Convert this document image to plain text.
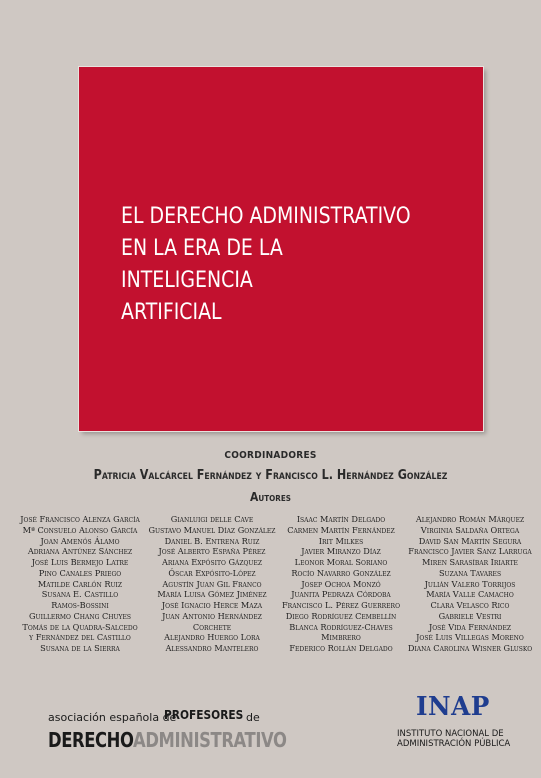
EL DERECHO ADMINISTRATIVO
EN LA ERA DE LA INTELIGENCIA
ARTIFICIAL
COORDINADORES
Patricia Valcárcel Fernández y Francisco L. Hernández González
Autores
José Francisco Alenza García
Mª Consuelo Alonso García
Joan Amenós Álamo
Adriana Antúnez Sánchez
José Luis Bermejo Latre
Pino Canales Priego
Matilde Carlón Ruiz
Susana E. Castillo
Ramos-Bossini
Guillermo Chang Chuyes
Tomás de la Quadra-Salcedo
y Fernández del Castillo
Susana de la Sierra
Gianluigi delle Cave
Gustavo Manuel Díaz González
Daniel B. Entrena Ruiz
José Alberto España Pérez
Ariana Expósito Gázquez
Óscar Expósito-López
Agustín Juan Gil Franco
María Luisa Gómez Jiménez
José Ignacio Herce Maza
Juan Antonio Hernández
Corchete
Alejandro Huergo Lora
Alessandro Mantelero
Isaac Martín Delgado
Carmen Martín Fernández
Irit Milkes
Javier Miranzo Díaz
Leonor Moral Soriano
Rocío Navarro González
Josep Ochoa Monzó
Juanita Pedraza Córdoba
Francisco L. Pérez Guerrero
Diego Rodríguez Cembellín
Blanca Rodríguez-Chaves
Mimbrero
Federico Rollán Delgado
Alejandro Román Márquez
Virginia Saldaña Ortega
David San Martín Segura
Francisco Javier Sanz Larruga
Miren Sarasíbar Iriarte
Suzana Tavares
Julián Valero Torrijos
María Valle Camacho
Clara Velasco Rico
Gabriele Vestri
José Vida Fernández
José Luis Villegas Moreno
Diana Carolina Wisner Glusko
asociación española de
PROFESORES de
DERECHOADMINISTRATIVO
INAP
INSTITUTO NACIONAL DE
ADMINISTRACIÓN PÚBLICA
